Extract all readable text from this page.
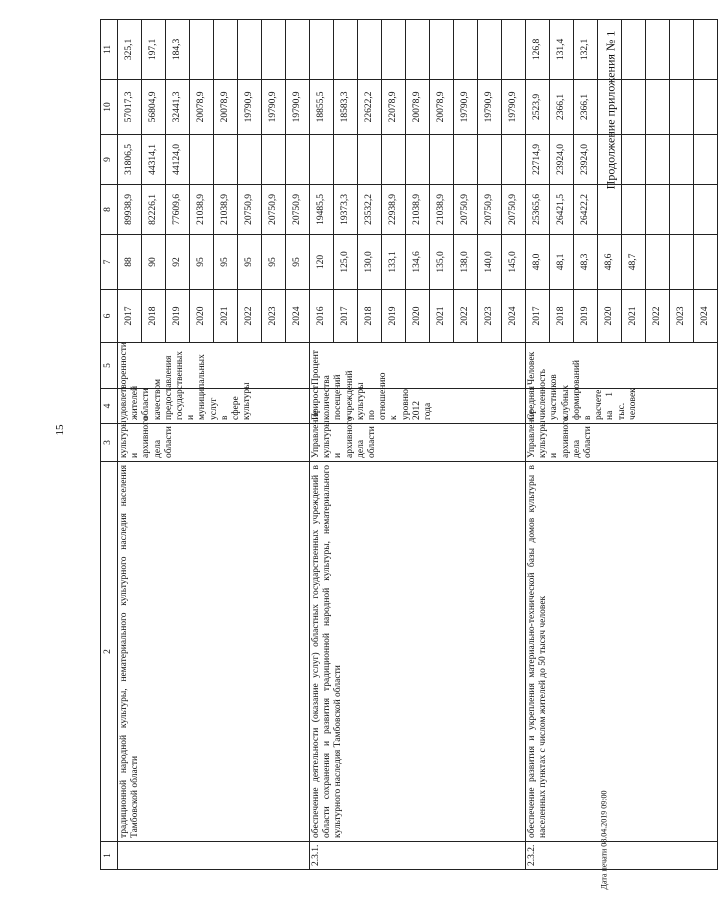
15
Продолжение приложения № 1
Дата печати 08.04.2019 09:00
1	2	3	4	5	6	7	8	9	10	11	
	традиционной народной культуры, нематериального культурного наследия населения Тамбовской области	культуры и архивного дела области	удовлетворенности жителей области качеством предоставления государственных и муниципальных услуг в сфере культуры		2017	88	89938,9	31806,5	57017,3	325,1	
					2018	90	82226,1	44314,1	56804,9	197,1	
					2019	92	77609,6	44124,0	32441,3	184,3	
					2020	95	21038,9		20078,9		
					2021	95	21038,9		20078,9		
					2022	95	20750,9		19790,9		
					2023	95	20750,9		19790,9		
					2024	95	20750,9		19790,9		
2.3.1.	обеспечение деятельности (оказание услуг) областных государственных учреждений в области сохранения и развития традиционной народной культуры, нематериального культурного наследия Тамбовской области	Управление культуры и архивного дела области	Прирост количества посещений учреждений культуры по отношению к уровню 2012 года	Процент	2016	120	19485,5		18855,5		
					2017	125,0	19373,3		18583,3		
					2018	130,0	23532,2		22622,2		
					2019	133,1	22938,9		22078,9		
					2020	134,6	21038,9		20078,9		
					2021	135,0	21038,9		20078,9		
					2022	138,0	20750,9		19790,9		
					2023	140,0	20750,9		19790,9		
					2024	145,0	20750,9		19790,9		
2.3.2.	обеспечение развития и укрепления материально-технической базы домов культуры в населенных пунктах с числом жителей до 50 тысяч человек	Управление культуры и архивного дела области	Средняя численность участников клубных формирований в расчете на 1 тыс. человек	Человек	2017	48,0	25365,6	22714,9	2523,9	126,8	
					2018	48,1	26421,5	23924,0	2366,1	131,4	
					2019	48,3	26422,2	23924,0	2366,1	132,1	
					2020	48,6					
					2021	48,7					
					2022						
					2023						
					2024						
